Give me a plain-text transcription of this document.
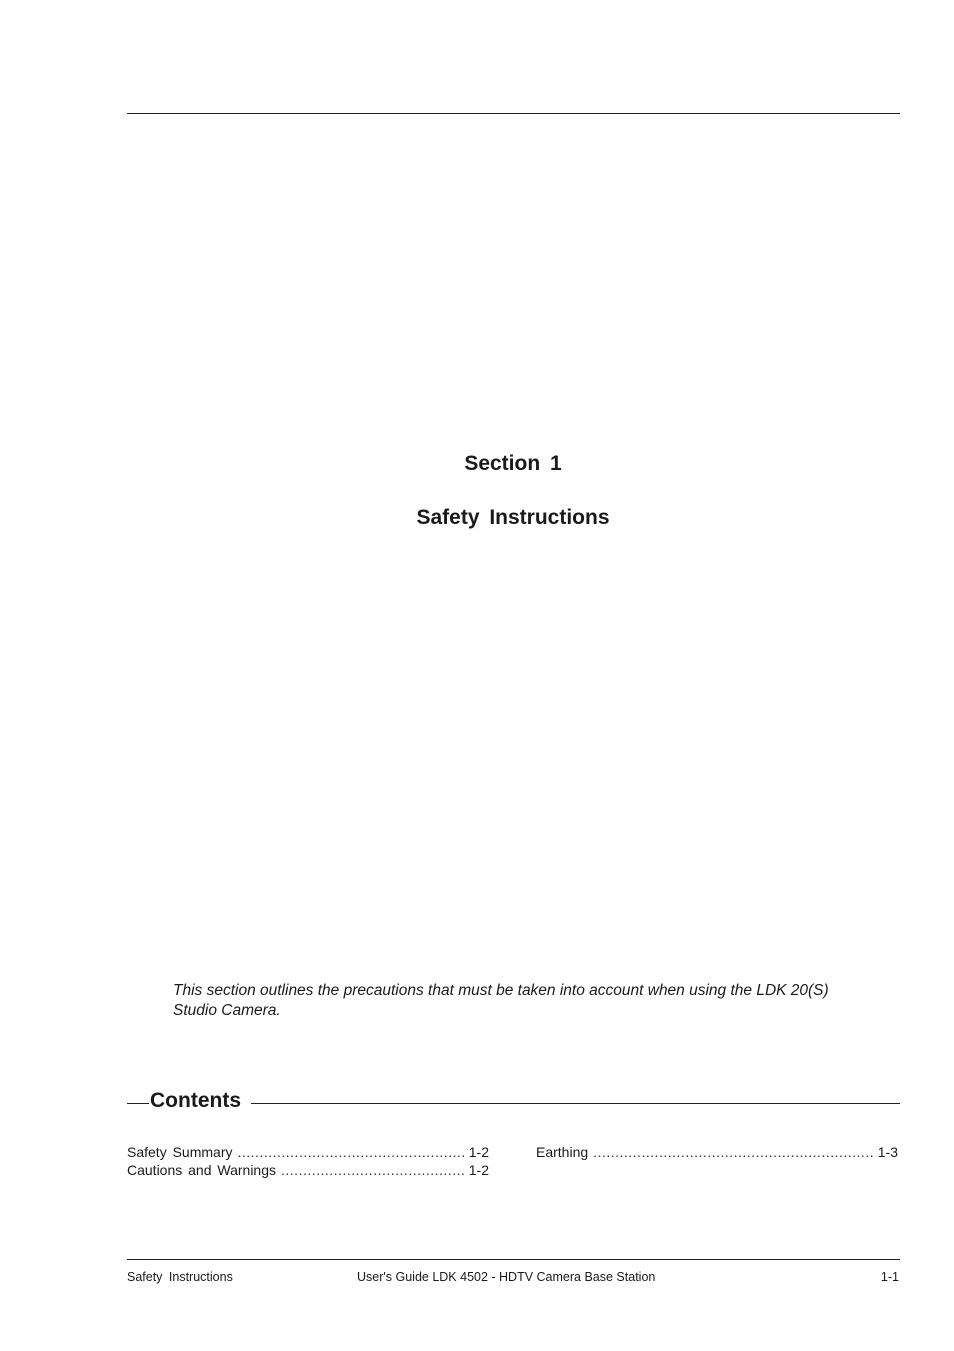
Section 1
Safety Instructions
This section outlines the precautions that must be taken into account when using the LDK 20(S)
Studio Camera.
Contents
Safety Summary .....	1-2
Cautions and Warnings .....	1-2
Earthing .....	1-3
Safety Instructions	User's Guide LDK 4502 - HDTV Camera Base Station	1-1
